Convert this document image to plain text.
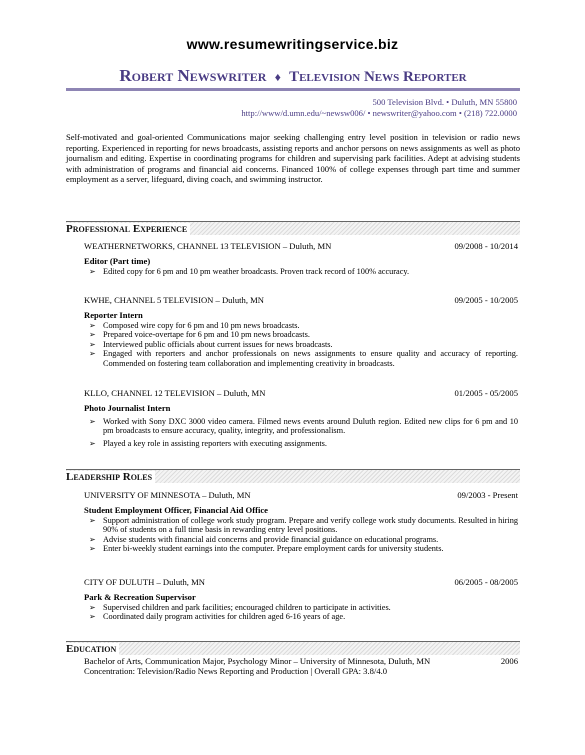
www.resumewritingservice.biz
Robert Newswriter ♦ Television News Reporter
500 Television Blvd. • Duluth, MN 55800
http://www/d.umn.edu/~newsw006/ • newswriter@yahoo.com • (218) 722.0000
Self-motivated and goal-oriented Communications major seeking challenging entry level position in television or radio news reporting. Experienced in reporting for news broadcasts, assisting reports and anchor persons on news assignments as well as photo journalism and editing. Expertise in coordinating programs for children and supervising park facilities. Adept at advising students with administration of programs and financial aid concerns. Financed 100% of college expenses through part time and summer employment as a server, lifeguard, diving coach, and swimming instructor.
Professional Experience
WEATHERNETWORKS, CHANNEL 13 TELEVISION – Duluth, MN	09/2008 - 10/2014
Editor (Part time)
➢ Edited copy for 6 pm and 10 pm weather broadcasts. Proven track record of 100% accuracy.
KWHE, CHANNEL 5 TELEVISION – Duluth, MN	09/2005 - 10/2005
Reporter Intern
➢ Composed wire copy for 6 pm and 10 pm news broadcasts.
➢ Prepared voice-overtape for 6 pm and 10 pm news broadcasts.
➢ Interviewed public officials about current issues for news broadcasts.
➢ Engaged with reporters and anchor professionals on news assignments to ensure quality and accuracy of reporting. Commended on fostering team collaboration and implementing creativity in broadcasts.
KLLO, CHANNEL 12 TELEVISION – Duluth, MN	01/2005 - 05/2005
Photo Journalist Intern
➢ Worked with Sony DXC 3000 video camera. Filmed news events around Duluth region. Edited new clips for 6 pm and 10 pm broadcasts to ensure accuracy, quality, integrity, and professionalism.
➢ Played a key role in assisting reporters with executing assignments.
Leadership Roles
UNIVERSITY OF MINNESOTA – Duluth, MN	09/2003 - Present
Student Employment Officer, Financial Aid Office
➢ Support administration of college work study program. Prepare and verify college work study documents. Resulted in hiring 90% of students on a full time basis in rewarding entry level positions.
➢ Advise students with financial aid concerns and provide financial guidance on educational programs.
➢ Enter bi-weekly student earnings into the computer. Prepare employment cards for university students.
CITY OF DULUTH – Duluth, MN	06/2005 - 08/2005
Park & Recreation Supervisor
➢ Supervised children and park facilities; encouraged children to participate in activities.
➢ Coordinated daily program activities for children aged 6-16 years of age.
Education
Bachelor of Arts, Communication Major, Psychology Minor – University of Minnesota, Duluth, MN	2006
Concentration: Television/Radio News Reporting and Production | Overall GPA: 3.8/4.0
